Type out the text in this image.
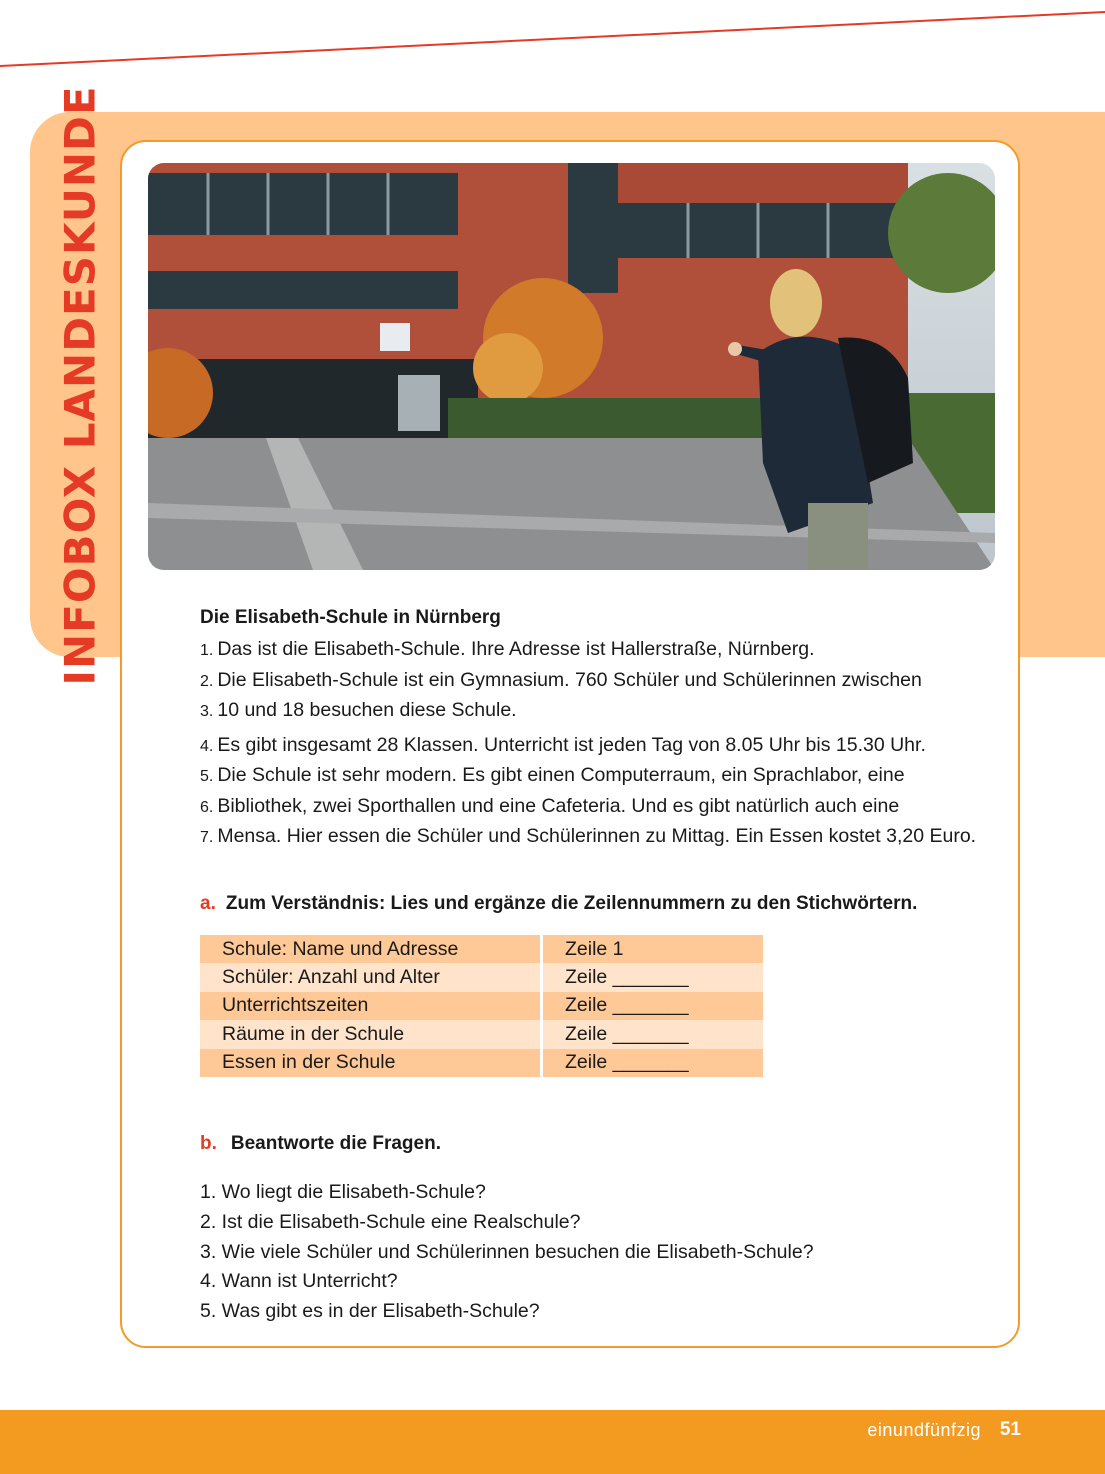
INFOBOX LANDESKUNDE	Die Elisabeth-Schule in Nürnberg
1. Das ist die Elisabeth-Schule. Ihre Adresse ist Hallerstraße, Nürnberg.
2. Die Elisabeth-Schule ist ein Gymnasium. 760 Schüler und Schülerinnen zwischen
3. 10 und 18 besuchen diese Schule.
4. Es gibt insgesamt 28 Klassen. Unterricht ist jeden Tag von 8.05 Uhr bis 15.30 Uhr.
5. Die Schule ist sehr modern. Es gibt einen Computerraum, ein Sprachlabor, eine
6. Bibliothek, zwei Sporthallen und eine Cafeteria. Und es gibt natürlich auch eine
7. Mensa. Hier essen die Schüler und Schülerinnen zu Mittag. Ein Essen kostet 3,20 Euro.
a. Zum Verständnis: Lies und ergänze die Zeilennummern zu den Stichwörtern.
Schule: Name und Adresse	Zeile 1
Schüler: Anzahl und Alter	Zeile _______
Unterrichtszeiten	Zeile _______
Räume in der Schule	Zeile _______
Essen in der Schule	Zeile _______
b. Beantworte die Fragen.
1. Wo liegt die Elisabeth-Schule?
2. Ist die Elisabeth-Schule eine Realschule?
3. Wie viele Schüler und Schülerinnen besuchen die Elisabeth-Schule?
4. Wann ist Unterricht?
5. Was gibt es in der Elisabeth-Schule?
einundfünfzig 51
